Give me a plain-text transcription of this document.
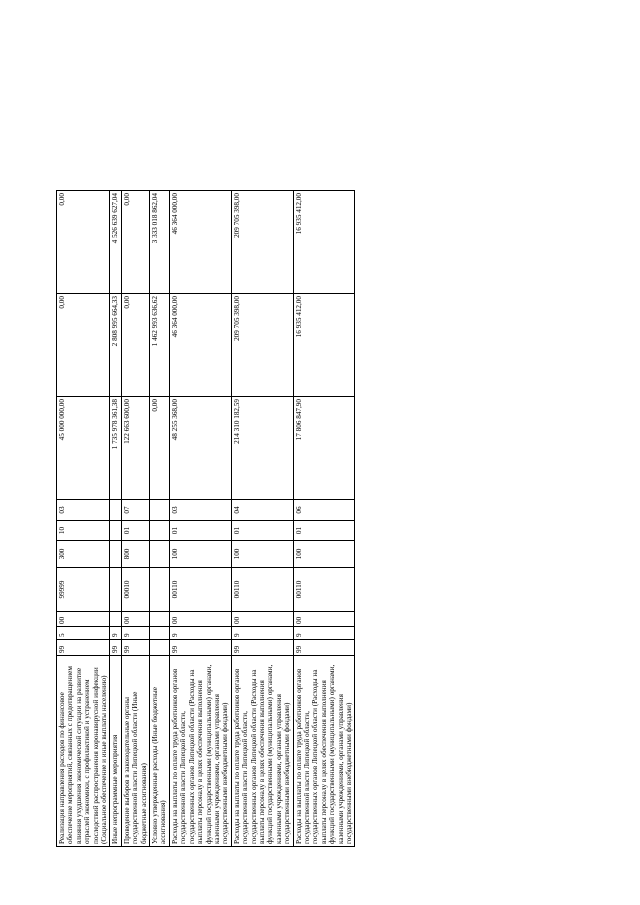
Реализация направления расходов по финансовое обеспечение мероприятий, связанных с предотвращением влияния ухудшения экономической ситуации на развитие отраслей экономики, с профилактикой и устранением последствий распространения коронавирусной инфекции (Социальное обеспечение и иные выплаты населению)	99	5	00	99999	300	10	03	45 000 000,00	0,00	0,00
Иные непрограммные мероприятия	99	9						1 735 978 361,38	2 808 995 664,33	4 526 639 627,04
Проведение выборов в законодательные органы государственной власти Липецкой области (Иные бюджетные ассигнования)	99	9	00	00010	800	01	07	122 663 600,00	0,00	0,00
Условно утвержденные расходы (Иные бюджетные ассигнования)								0,00	1 462 993 636,62	3 333 018 862,04
Расходы на выплаты по оплате труда работников органов государственной власти Липецкой области, государственных органов Липецкой области (Расходы на выплаты персоналу в целях обеспечения выполнения функций государственными (муниципальными) органами, казенными учреждениями, органами управления государственными внебюджетными фондами)	99	9	00	00110	100	01	03	48 255 368,00	46 364 000,00	46 364 000,00
Расходы на выплаты по оплате труда работников органов государственной власти Липецкой области, государственных органов Липецкой области (Расходы на выплаты персоналу в целях обеспечения выполнения функций государственными (муниципальными) органами, казенными учреждениями, органами управления государственными внебюджетными фондами)	99	9	00	00110	100	01	04	214 310 182,59	209 705 398,00	209 705 398,00
Расходы на выплаты по оплате труда работников органов государственной власти Липецкой области, государственных органов Липецкой области (Расходы на выплаты персоналу в целях обеспечения выполнения функций государственными (муниципальными) органами, казенными учреждениями, органами управления государственными внебюджетными фондами)	99	9	00	00110	100	01	06	17 806 847,90	16 935 412,00	16 935 412,00
